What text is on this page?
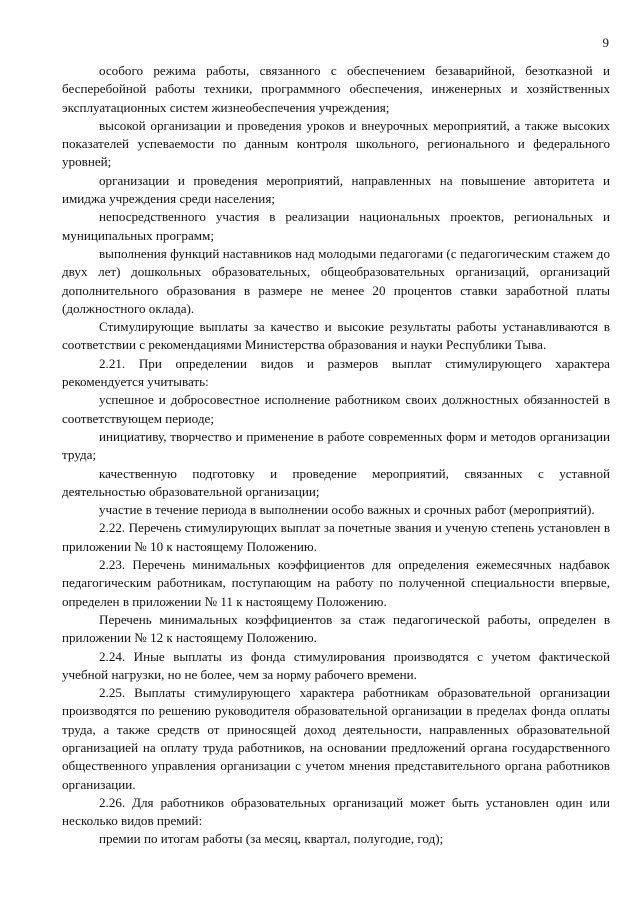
9

особого режима работы, связанного с обеспечением безаварийной, безотказной и бесперебойной работы техники, программного обеспечения, инженерных и хозяйственных эксплуатационных систем жизнеобеспечения учреждения;

высокой организации и проведения уроков и внеурочных мероприятий, а также высоких показателей успеваемости по данным контроля школьного, регионального и федерального уровней;

организации и проведения мероприятий, направленных на повышение авторитета и имиджа учреждения среди населения;

непосредственного участия в реализации национальных проектов, региональных и муниципальных программ;

выполнения функций наставников над молодыми педагогами (с педагогическим стажем до двух лет) дошкольных образовательных, общеобразовательных организаций, организаций дополнительного образования в размере не менее 20 процентов ставки заработной платы (должностного оклада).

Стимулирующие выплаты за качество и высокие результаты работы устанавливаются в соответствии с рекомендациями Министерства образования и науки Республики Тыва.

2.21. При определении видов и размеров выплат стимулирующего характера рекомендуется учитывать:

успешное и добросовестное исполнение работником своих должностных обязанностей в соответствующем периоде;

инициативу, творчество и применение в работе современных форм и методов организации труда;

качественную подготовку и проведение мероприятий, связанных с уставной деятельностью образовательной организации;

участие в течение периода в выполнении особо важных и срочных работ (мероприятий).

2.22. Перечень стимулирующих выплат за почетные звания и ученую степень установлен в приложении № 10 к настоящему Положению.

2.23. Перечень минимальных коэффициентов для определения ежемесячных надбавок педагогическим работникам, поступающим на работу по полученной специальности впервые, определен в приложении № 11 к настоящему Положению.

Перечень минимальных коэффициентов за стаж педагогической работы, определен в приложении № 12 к настоящему Положению.

2.24. Иные выплаты из фонда стимулирования производятся с учетом фактической учебной нагрузки, но не более, чем за норму рабочего времени.

2.25. Выплаты стимулирующего характера работникам образовательной организации производятся по решению руководителя образовательной организации в пределах фонда оплаты труда, а также средств от приносящей доход деятельности, направленных образовательной организацией на оплату труда работников, на основании предложений органа государственного общественного управления организации с учетом мнения представительного органа работников организации.

2.26. Для работников образовательных организаций может быть установлен один или несколько видов премий:

премии по итогам работы (за месяц, квартал, полугодие, год);
